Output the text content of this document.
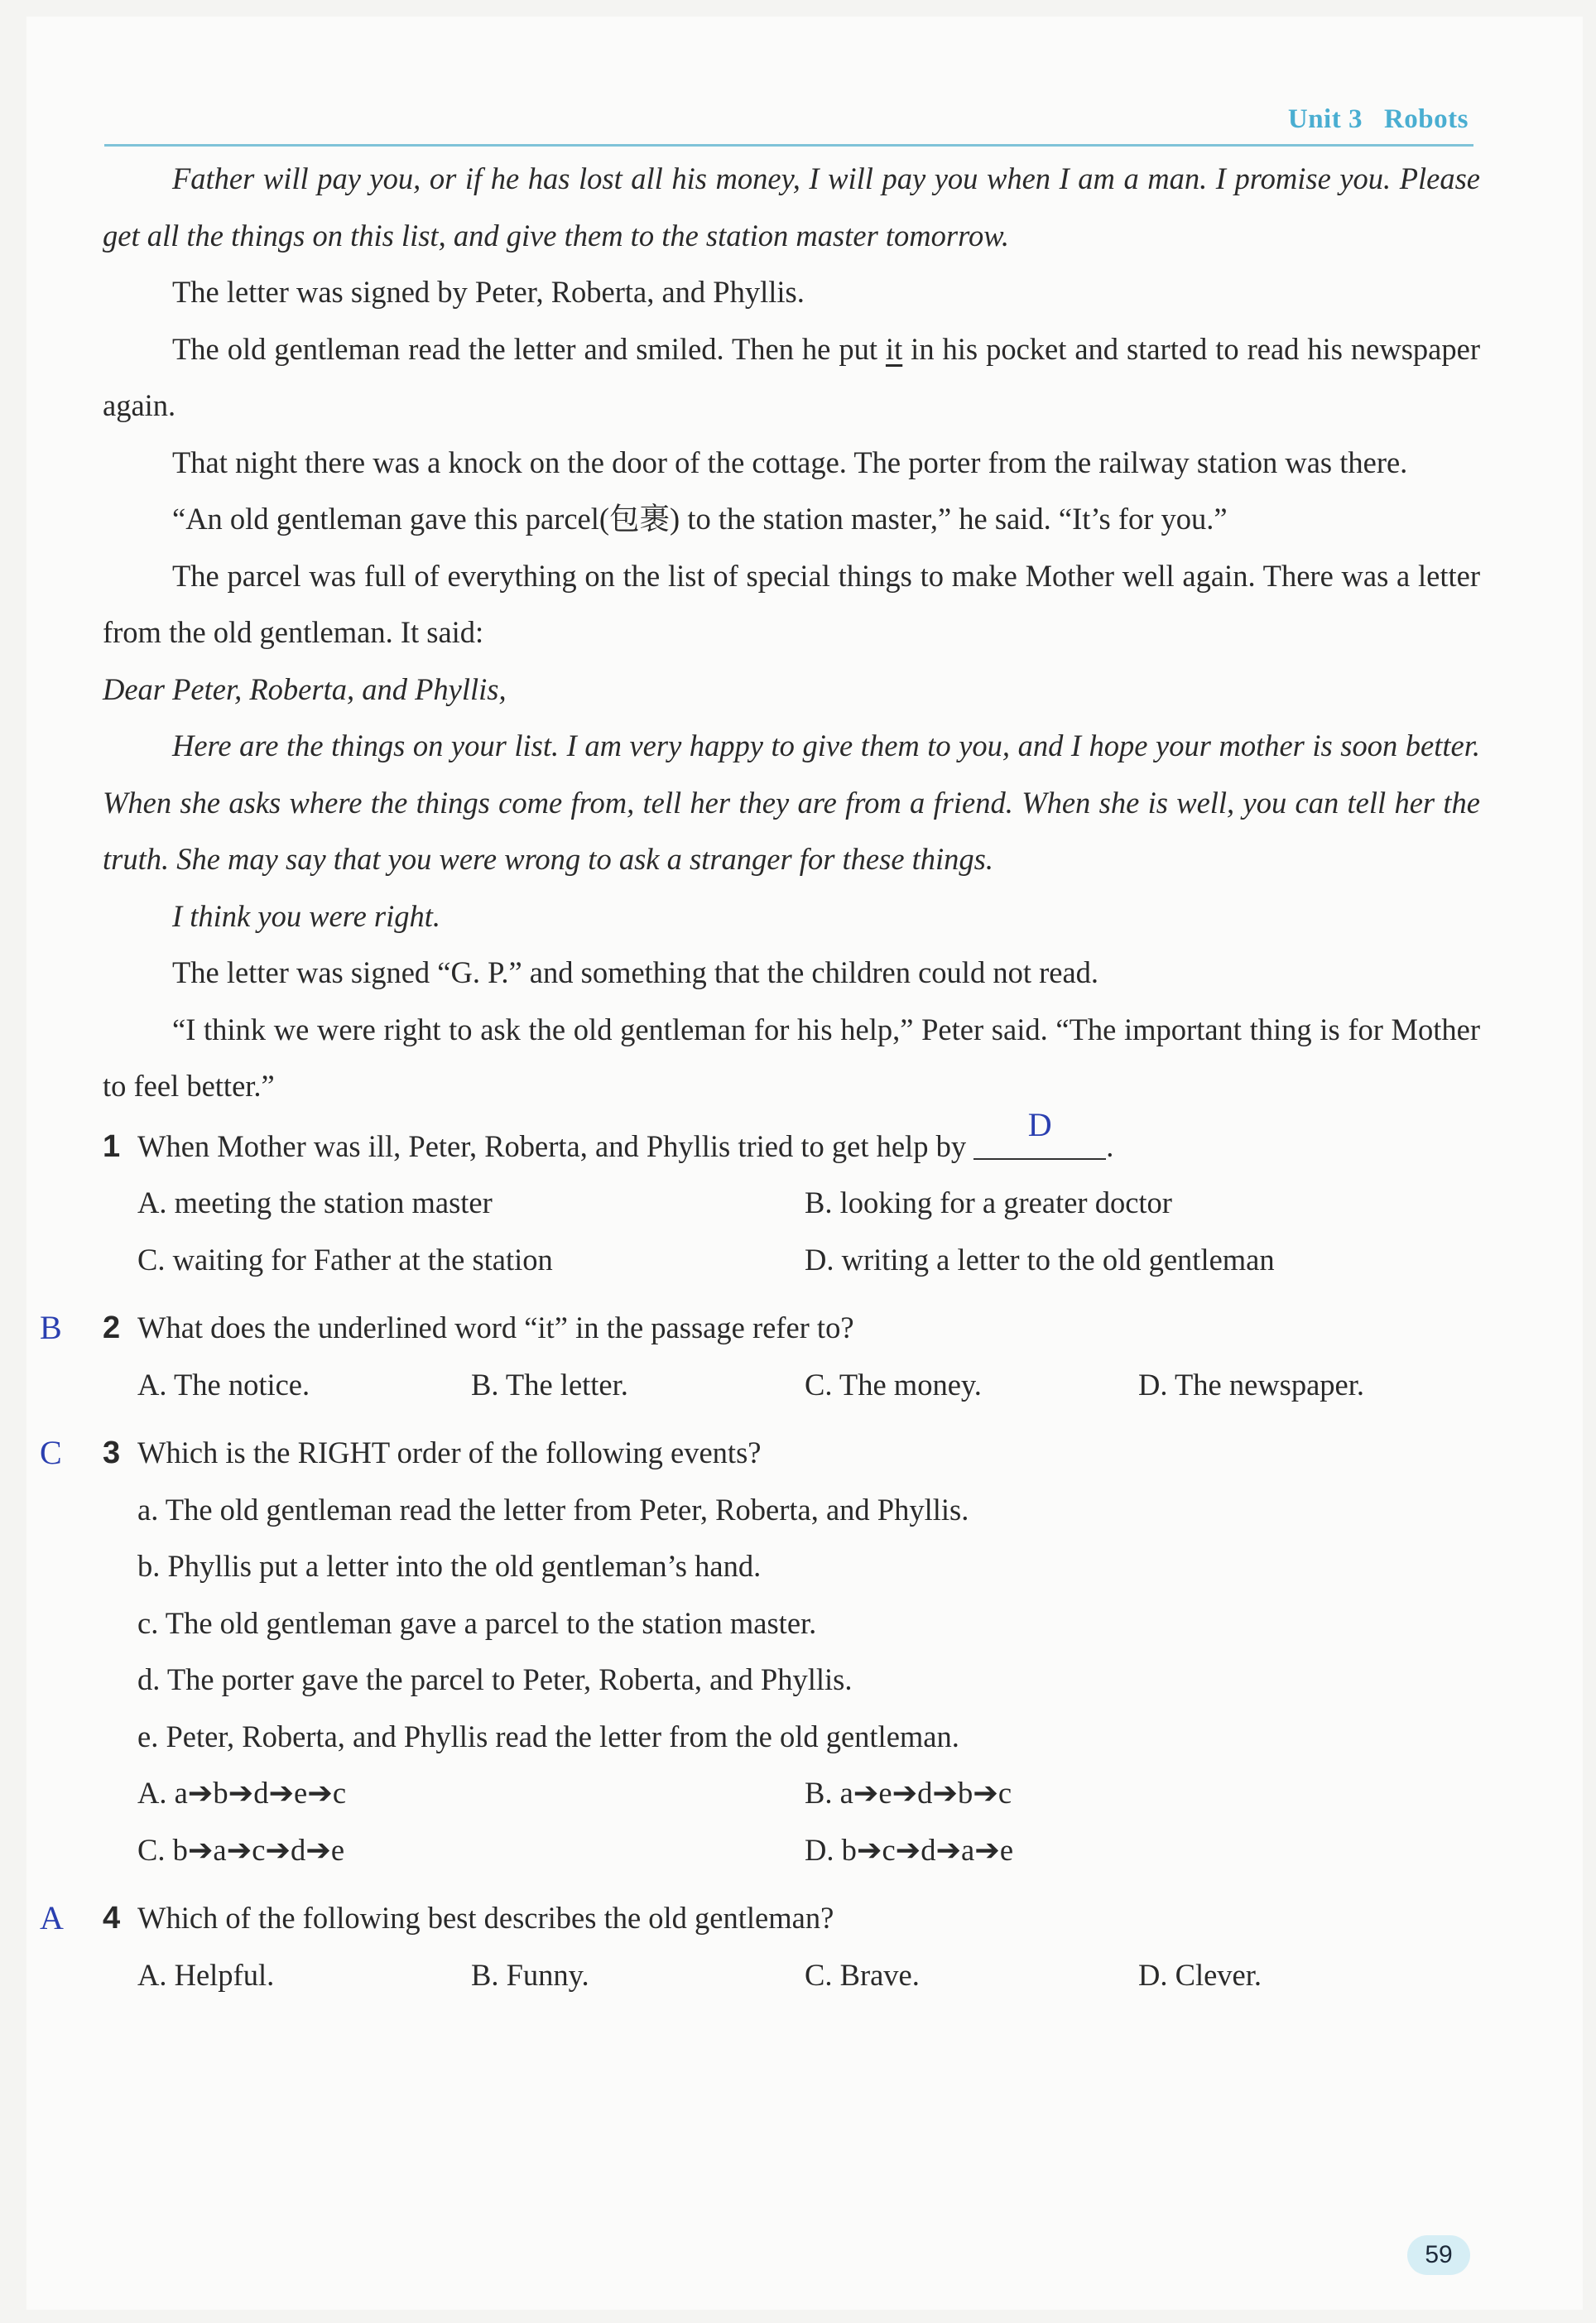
Unit 3 Robots

Father will pay you, or if he has lost all his money, I will pay you when I am a man. I promise you. Please get all the things on this list, and give them to the station master tomorrow.

The letter was signed by Peter, Roberta, and Phyllis.

The old gentleman read the letter and smiled. Then he put it in his pocket and started to read his newspaper again.

That night there was a knock on the door of the cottage. The porter from the railway station was there.

“An old gentleman gave this parcel(包裹) to the station master,” he said. “It’s for you.”

The parcel was full of everything on the list of special things to make Mother well again. There was a letter from the old gentleman. It said:

Dear Peter, Roberta, and Phyllis,

Here are the things on your list. I am very happy to give them to you, and I hope your mother is soon better. When she asks where the things come from, tell her they are from a friend. When she is well, you can tell her the truth. She may say that you were wrong to ask a stranger for these things.

I think you were right.

The letter was signed “G. P.” and something that the children could not read.

“I think we were right to ask the old gentleman for his help,” Peter said. “The important thing is for Mother to feel better.”

1 When Mother was ill, Peter, Roberta, and Phyllis tried to get help by
D
.
A. meeting the station master	B. looking for a greater doctor
C. waiting for Father at the station	D. writing a letter to the old gentleman
B 2 What does the underlined word “it” in the passage refer to?
A. The notice.	B. The letter.	C. The money.	D. The newspaper.
C 3 Which is the RIGHT order of the following events?

a. The old gentleman read the letter from Peter, Roberta, and Phyllis.

b. Phyllis put a letter into the old gentleman’s hand.

c. The old gentleman gave a parcel to the station master.

d. The porter gave the parcel to Peter, Roberta, and Phyllis.

e. Peter, Roberta, and Phyllis read the letter from the old gentleman.

A. a➔b➔d➔e➔c	B. a➔e➔d➔b➔c
C. b➔a➔c➔d➔e	D. b➔c➔d➔a➔e
A 4 Which of the following best describes the old gentleman?
A. Helpful.	B. Funny.	C. Brave.	D. Clever.
59
